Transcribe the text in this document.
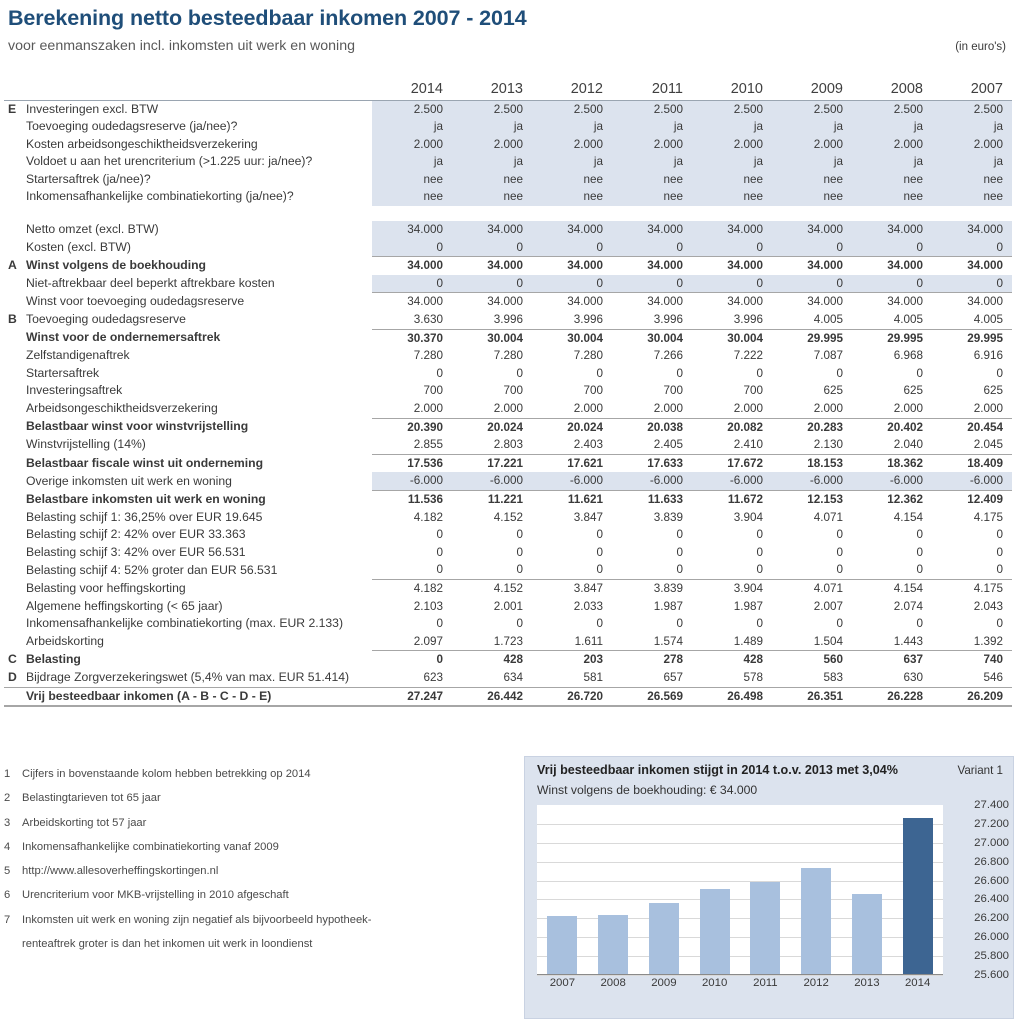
Berekening netto besteedbaar inkomen 2007 - 2014
voor eenmanszaken incl. inkomsten uit werk en woning	(in euro's)
	2014	2013	2012	2011	2010	2009	2008	2007

E Investeringen excl. BTW	2.500	2.500	2.500	2.500	2.500	2.500	2.500	2.500

Toevoeging oudedagsreserve (ja/nee)?	ja	ja	ja	ja	ja	ja	ja	ja

Kosten arbeidsongeschiktheidsverzekering	2.000	2.000	2.000	2.000	2.000	2.000	2.000	2.000

Voldoet u aan het urencriterium (>1.225 uur: ja/nee)?	ja	ja	ja	ja	ja	ja	ja	ja

Startersaftrek (ja/nee)?	nee	nee	nee	nee	nee	nee	nee	nee

Inkomensafhankelijke combinatiekorting (ja/nee)?	nee	nee	nee	nee	nee	nee	nee	nee

Netto omzet (excl. BTW)	34.000	34.000	34.000	34.000	34.000	34.000	34.000	34.000

Kosten (excl. BTW)	0	0	0	0	0	0	0	0

A Winst volgens de boekhouding	34.000	34.000	34.000	34.000	34.000	34.000	34.000	34.000

Niet-aftrekbaar deel beperkt aftrekbare kosten	0	0	0	0	0	0	0	0

Winst voor toevoeging oudedagsreserve	34.000	34.000	34.000	34.000	34.000	34.000	34.000	34.000

B Toevoeging oudedagsreserve	3.630	3.996	3.996	3.996	3.996	4.005	4.005	4.005

Winst voor de ondernemersaftrek	30.370	30.004	30.004	30.004	30.004	29.995	29.995	29.995

Zelfstandigenaftrek	7.280	7.280	7.280	7.266	7.222	7.087	6.968	6.916

Startersaftrek	0	0	0	0	0	0	0	0

Investeringsaftrek	700	700	700	700	700	625	625	625

Arbeidsongeschiktheidsverzekering	2.000	2.000	2.000	2.000	2.000	2.000	2.000	2.000

Belastbaar winst voor winstvrijstelling	20.390	20.024	20.024	20.038	20.082	20.283	20.402	20.454

Winstvrijstelling (14%)	2.855	2.803	2.403	2.405	2.410	2.130	2.040	2.045

Belastbaar fiscale winst uit onderneming	17.536	17.221	17.621	17.633	17.672	18.153	18.362	18.409

Overige inkomsten uit werk en woning	-6.000	-6.000	-6.000	-6.000	-6.000	-6.000	-6.000	-6.000

Belastbare inkomsten uit werk en woning	11.536	11.221	11.621	11.633	11.672	12.153	12.362	12.409

Belasting schijf 1: 36,25% over EUR 19.645	4.182	4.152	3.847	3.839	3.904	4.071	4.154	4.175

Belasting schijf 2: 42% over EUR 33.363	0	0	0	0	0	0	0	0

Belasting schijf 3: 42% over EUR 56.531	0	0	0	0	0	0	0	0

Belasting schijf 4: 52% groter dan EUR 56.531	0	0	0	0	0	0	0	0

Belasting voor heffingskorting	4.182	4.152	3.847	3.839	3.904	4.071	4.154	4.175

Algemene heffingskorting (< 65 jaar)	2.103	2.001	2.033	1.987	1.987	2.007	2.074	2.043

Inkomensafhankelijke combinatiekorting (max. EUR 2.133)	0	0	0	0	0	0	0	0

Arbeidskorting	2.097	1.723	1.611	1.574	1.489	1.504	1.443	1.392

C Belasting	0	428	203	278	428	560	637	740

D Bijdrage Zorgverzekeringswet (5,4% van max. EUR 51.414)	623	634	581	657	578	583	630	546

Vrij besteedbaar inkomen (A - B - C - D - E)	27.247	26.442	26.720	26.569	26.498	26.351	26.228	26.209
1 Cijfers in bovenstaande kolom hebben betrekking op 2014
2 Belastingtarieven tot 65 jaar
3 Arbeidskorting tot 57 jaar
4 Inkomensafhankelijke combinatiekorting vanaf 2009
5 http://www.allesoverheffingskortingen.nl
6 Urencriterium voor MKB-vrijstelling in 2010 afgeschaft
7 Inkomsten uit werk en woning zijn negatief als bijvoorbeeld hypotheek-
renteaftrek groter is dan het inkomen uit werk in loondienst
Vrij besteedbaar inkomen stijgt in 2014 t.o.v. 2013 met 3,04%	Variant 1
Winst volgens de boekhouding: € 34.000
2007	2008	2009	2010	2011	2012	2013	2014
27.400
27.200
27.000
26.800
26.600
26.400
26.200
26.000
25.800
25.600
